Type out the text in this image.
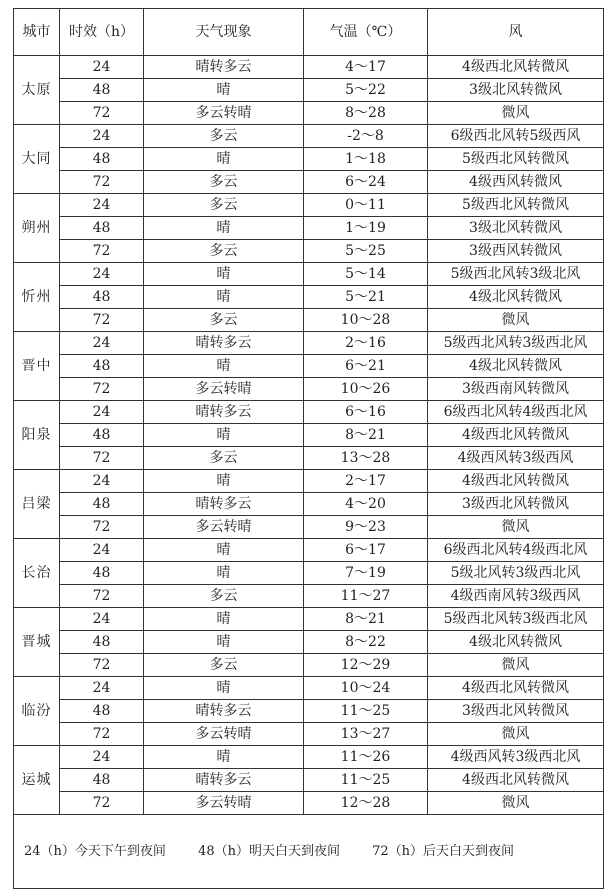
城市	时效（h）	天气现象	气温（℃）	风
太原	24	晴转多云	4～17	4级西北风转微风
	48	晴	5～22	3级北风转微风
	72	多云转晴	8～28	微风
大同	24	多云	-2～8	6级西北风转5级西风
	48	晴	1～18	5级西北风转微风
	72	多云	6～24	4级西风转微风
朔州	24	多云	0～11	5级西北风转微风
	48	晴	1～19	3级北风转微风
	72	多云	5～25	3级西风转微风
忻州	24	晴	5～14	5级西北风转3级北风
	48	晴	5～21	4级北风转微风
	72	多云	10～28	微风
晋中	24	晴转多云	2～16	5级西北风转3级西北风
	48	晴	6～21	4级北风转微风
	72	多云转晴	10～26	3级西南风转微风
阳泉	24	晴转多云	6～16	6级西北风转4级西北风
	48	晴	8～21	4级西北风转微风
	72	多云	13～28	4级西风转3级西风
吕梁	24	晴	2～17	4级西北风转微风
	48	晴转多云	4～20	3级西北风转微风
	72	多云转晴	9～23	微风
长治	24	晴	6～17	6级西北风转4级西北风
	48	晴	7～19	5级北风转3级西北风
	72	多云	11～27	4级西南风转3级西风
晋城	24	晴	8～21	5级西北风转3级西北风
	48	晴	8～22	4级北风转微风
	72	多云	12～29	微风
临汾	24	晴	10～24	4级西北风转微风
	48	晴转多云	11～25	3级西北风转微风
	72	多云转晴	13～27	微风
运城	24	晴	11～26	4级西风转3级西北风
	48	晴转多云	11～25	4级西北风转微风
	72	多云转晴	12～28	微风
24（h）今天下午到夜间 48（h）明天白天到夜间 72（h）后天白天到夜间				
